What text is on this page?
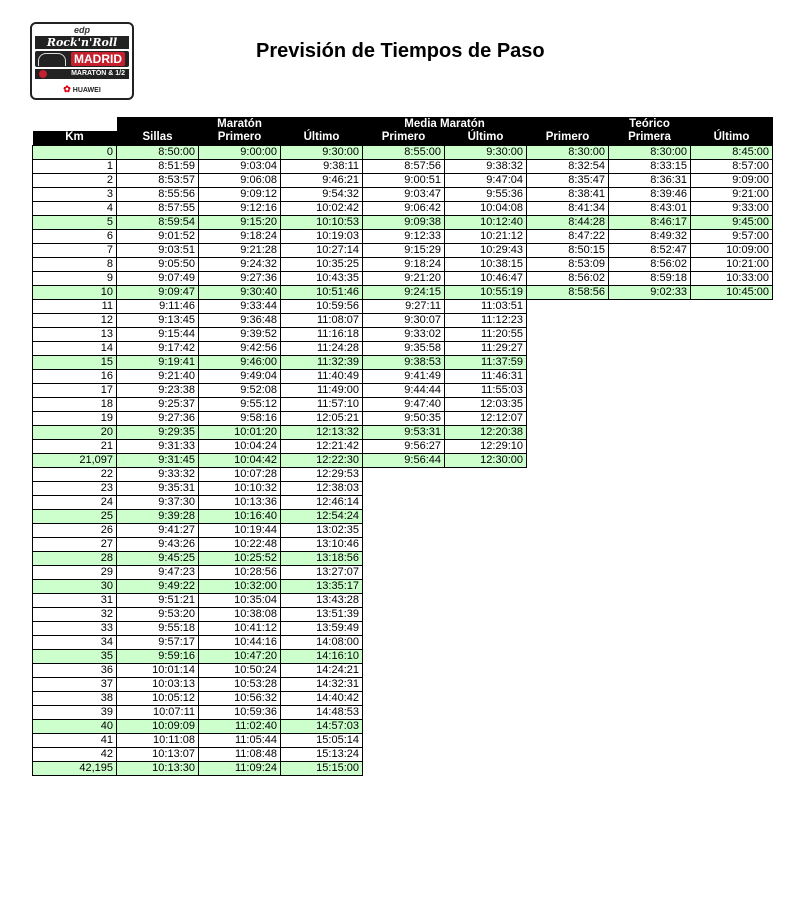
edp
Rock'n'Roll
MADRID
MARATÓN & 1/2
✿ HUAWEI
Previsión de Tiempos de Paso
	Maratón			Media Maratón		Teórico		
Km	Sillas	Primero	Último	Primero	Último	Primero	Primera	Último
0	8:50:00	9:00:00	9:30:00	8:55:00	9:30:00	8:30:00	8:30:00	8:45:00
1	8:51:59	9:03:04	9:38:11	8:57:56	9:38:32	8:32:54	8:33:15	8:57:00
2	8:53:57	9:06:08	9:46:21	9:00:51	9:47:04	8:35:47	8:36:31	9:09:00
3	8:55:56	9:09:12	9:54:32	9:03:47	9:55:36	8:38:41	8:39:46	9:21:00
4	8:57:55	9:12:16	10:02:42	9:06:42	10:04:08	8:41:34	8:43:01	9:33:00
5	8:59:54	9:15:20	10:10:53	9:09:38	10:12:40	8:44:28	8:46:17	9:45:00
6	9:01:52	9:18:24	10:19:03	9:12:33	10:21:12	8:47:22	8:49:32	9:57:00
7	9:03:51	9:21:28	10:27:14	9:15:29	10:29:43	8:50:15	8:52:47	10:09:00
8	9:05:50	9:24:32	10:35:25	9:18:24	10:38:15	8:53:09	8:56:02	10:21:00
9	9:07:49	9:27:36	10:43:35	9:21:20	10:46:47	8:56:02	8:59:18	10:33:00
10	9:09:47	9:30:40	10:51:46	9:24:15	10:55:19	8:58:56	9:02:33	10:45:00
11	9:11:46	9:33:44	10:59:56	9:27:11	11:03:51			
12	9:13:45	9:36:48	11:08:07	9:30:07	11:12:23			
13	9:15:44	9:39:52	11:16:18	9:33:02	11:20:55			
14	9:17:42	9:42:56	11:24:28	9:35:58	11:29:27			
15	9:19:41	9:46:00	11:32:39	9:38:53	11:37:59			
16	9:21:40	9:49:04	11:40:49	9:41:49	11:46:31			
17	9:23:38	9:52:08	11:49:00	9:44:44	11:55:03			
18	9:25:37	9:55:12	11:57:10	9:47:40	12:03:35			
19	9:27:36	9:58:16	12:05:21	9:50:35	12:12:07			
20	9:29:35	10:01:20	12:13:32	9:53:31	12:20:38			
21	9:31:33	10:04:24	12:21:42	9:56:27	12:29:10			
21,097	9:31:45	10:04:42	12:22:30	9:56:44	12:30:00			
22	9:33:32	10:07:28	12:29:53					
23	9:35:31	10:10:32	12:38:03					
24	9:37:30	10:13:36	12:46:14					
25	9:39:28	10:16:40	12:54:24					
26	9:41:27	10:19:44	13:02:35					
27	9:43:26	10:22:48	13:10:46					
28	9:45:25	10:25:52	13:18:56					
29	9:47:23	10:28:56	13:27:07					
30	9:49:22	10:32:00	13:35:17					
31	9:51:21	10:35:04	13:43:28					
32	9:53:20	10:38:08	13:51:39					
33	9:55:18	10:41:12	13:59:49					
34	9:57:17	10:44:16	14:08:00					
35	9:59:16	10:47:20	14:16:10					
36	10:01:14	10:50:24	14:24:21					
37	10:03:13	10:53:28	14:32:31					
38	10:05:12	10:56:32	14:40:42					
39	10:07:11	10:59:36	14:48:53					
40	10:09:09	11:02:40	14:57:03					
41	10:11:08	11:05:44	15:05:14					
42	10:13:07	11:08:48	15:13:24					
42,195	10:13:30	11:09:24	15:15:00					
